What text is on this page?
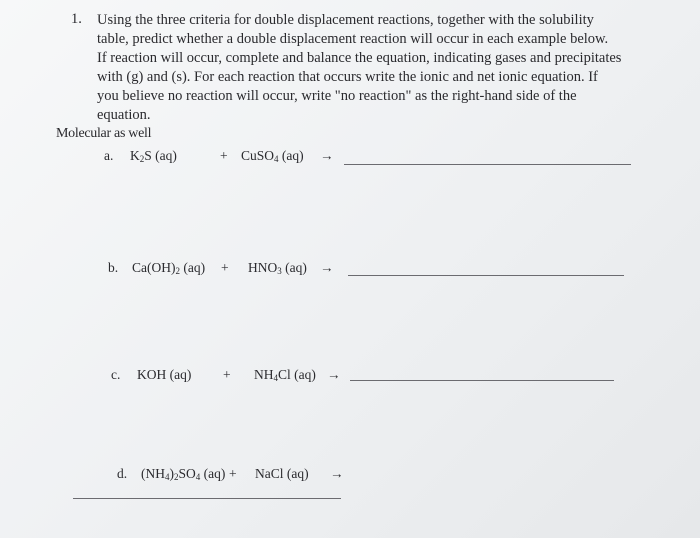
1. Using the three criteria for double displacement reactions, together with the solubility
table, predict whether a double displacement reaction will occur in each example below.
If reaction will occur, complete and balance the equation, indicating gases and precipitates
with (g) and (s). For each reaction that occurs write the ionic and net ionic equation. If
you believe no reaction will occur, write "no reaction" as the right-hand side of the
equation.
Molecular as well
a. $K_2S$ (aq)	+ CuSO$_4$ (aq) →
b. $Ca(OH)_2$ $(aq) + HNO_3$ (aq) →
c. KOH $(aq) + NH_4Cl$ (aq) →
d. $(NH_4)_2SO_4$ (aq) + NaCl (aq) →
